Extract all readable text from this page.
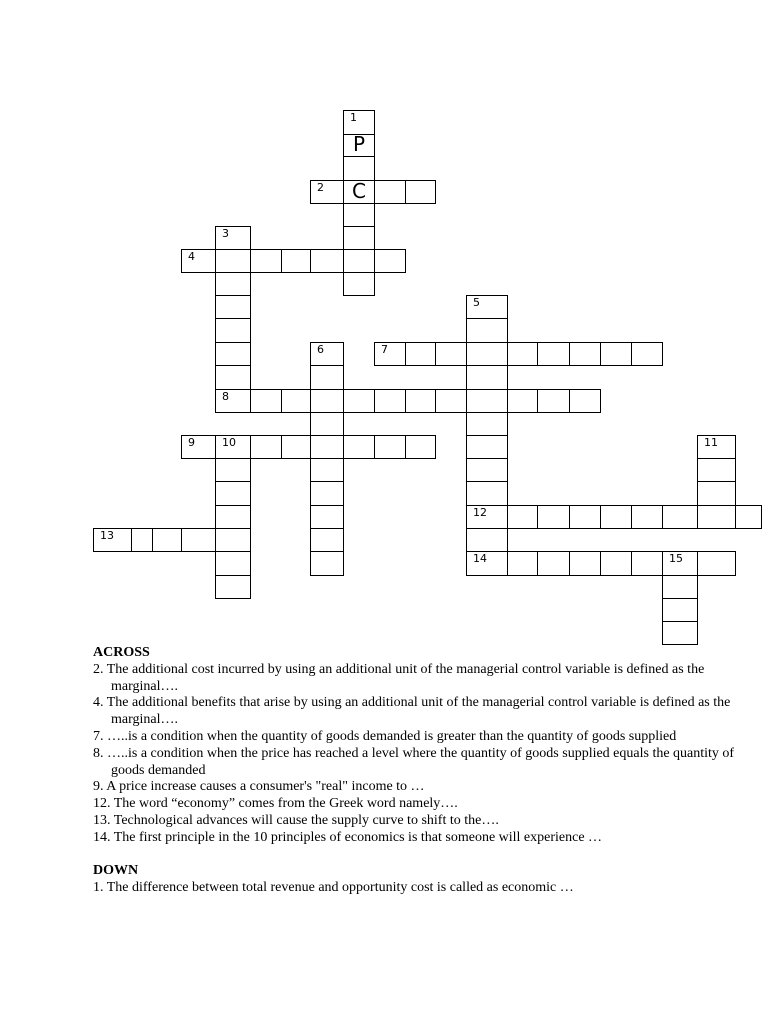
1
P
C
2
3
8
4
5
12
14
6	7
9 10	11
13
15
ACROSS
2. The additional cost incurred by using an additional unit of the managerial control variable is defined as the marginal….
4. The additional benefits that arise by using an additional unit of the managerial control variable is defined as the marginal….
7. …..is a condition when the quantity of goods demanded is greater than the quantity of goods supplied
8. …..is a condition when the price has reached a level where the quantity of goods supplied equals the quantity of goods demanded
9. A price increase causes a consumer's "real" income to …
12. The word “economy” comes from the Greek word namely….
13. Technological advances will cause the supply curve to shift to the….
14. The first principle in the 10 principles of economics is that someone will experience …
DOWN
1. The difference between total revenue and opportunity cost is called as economic …
